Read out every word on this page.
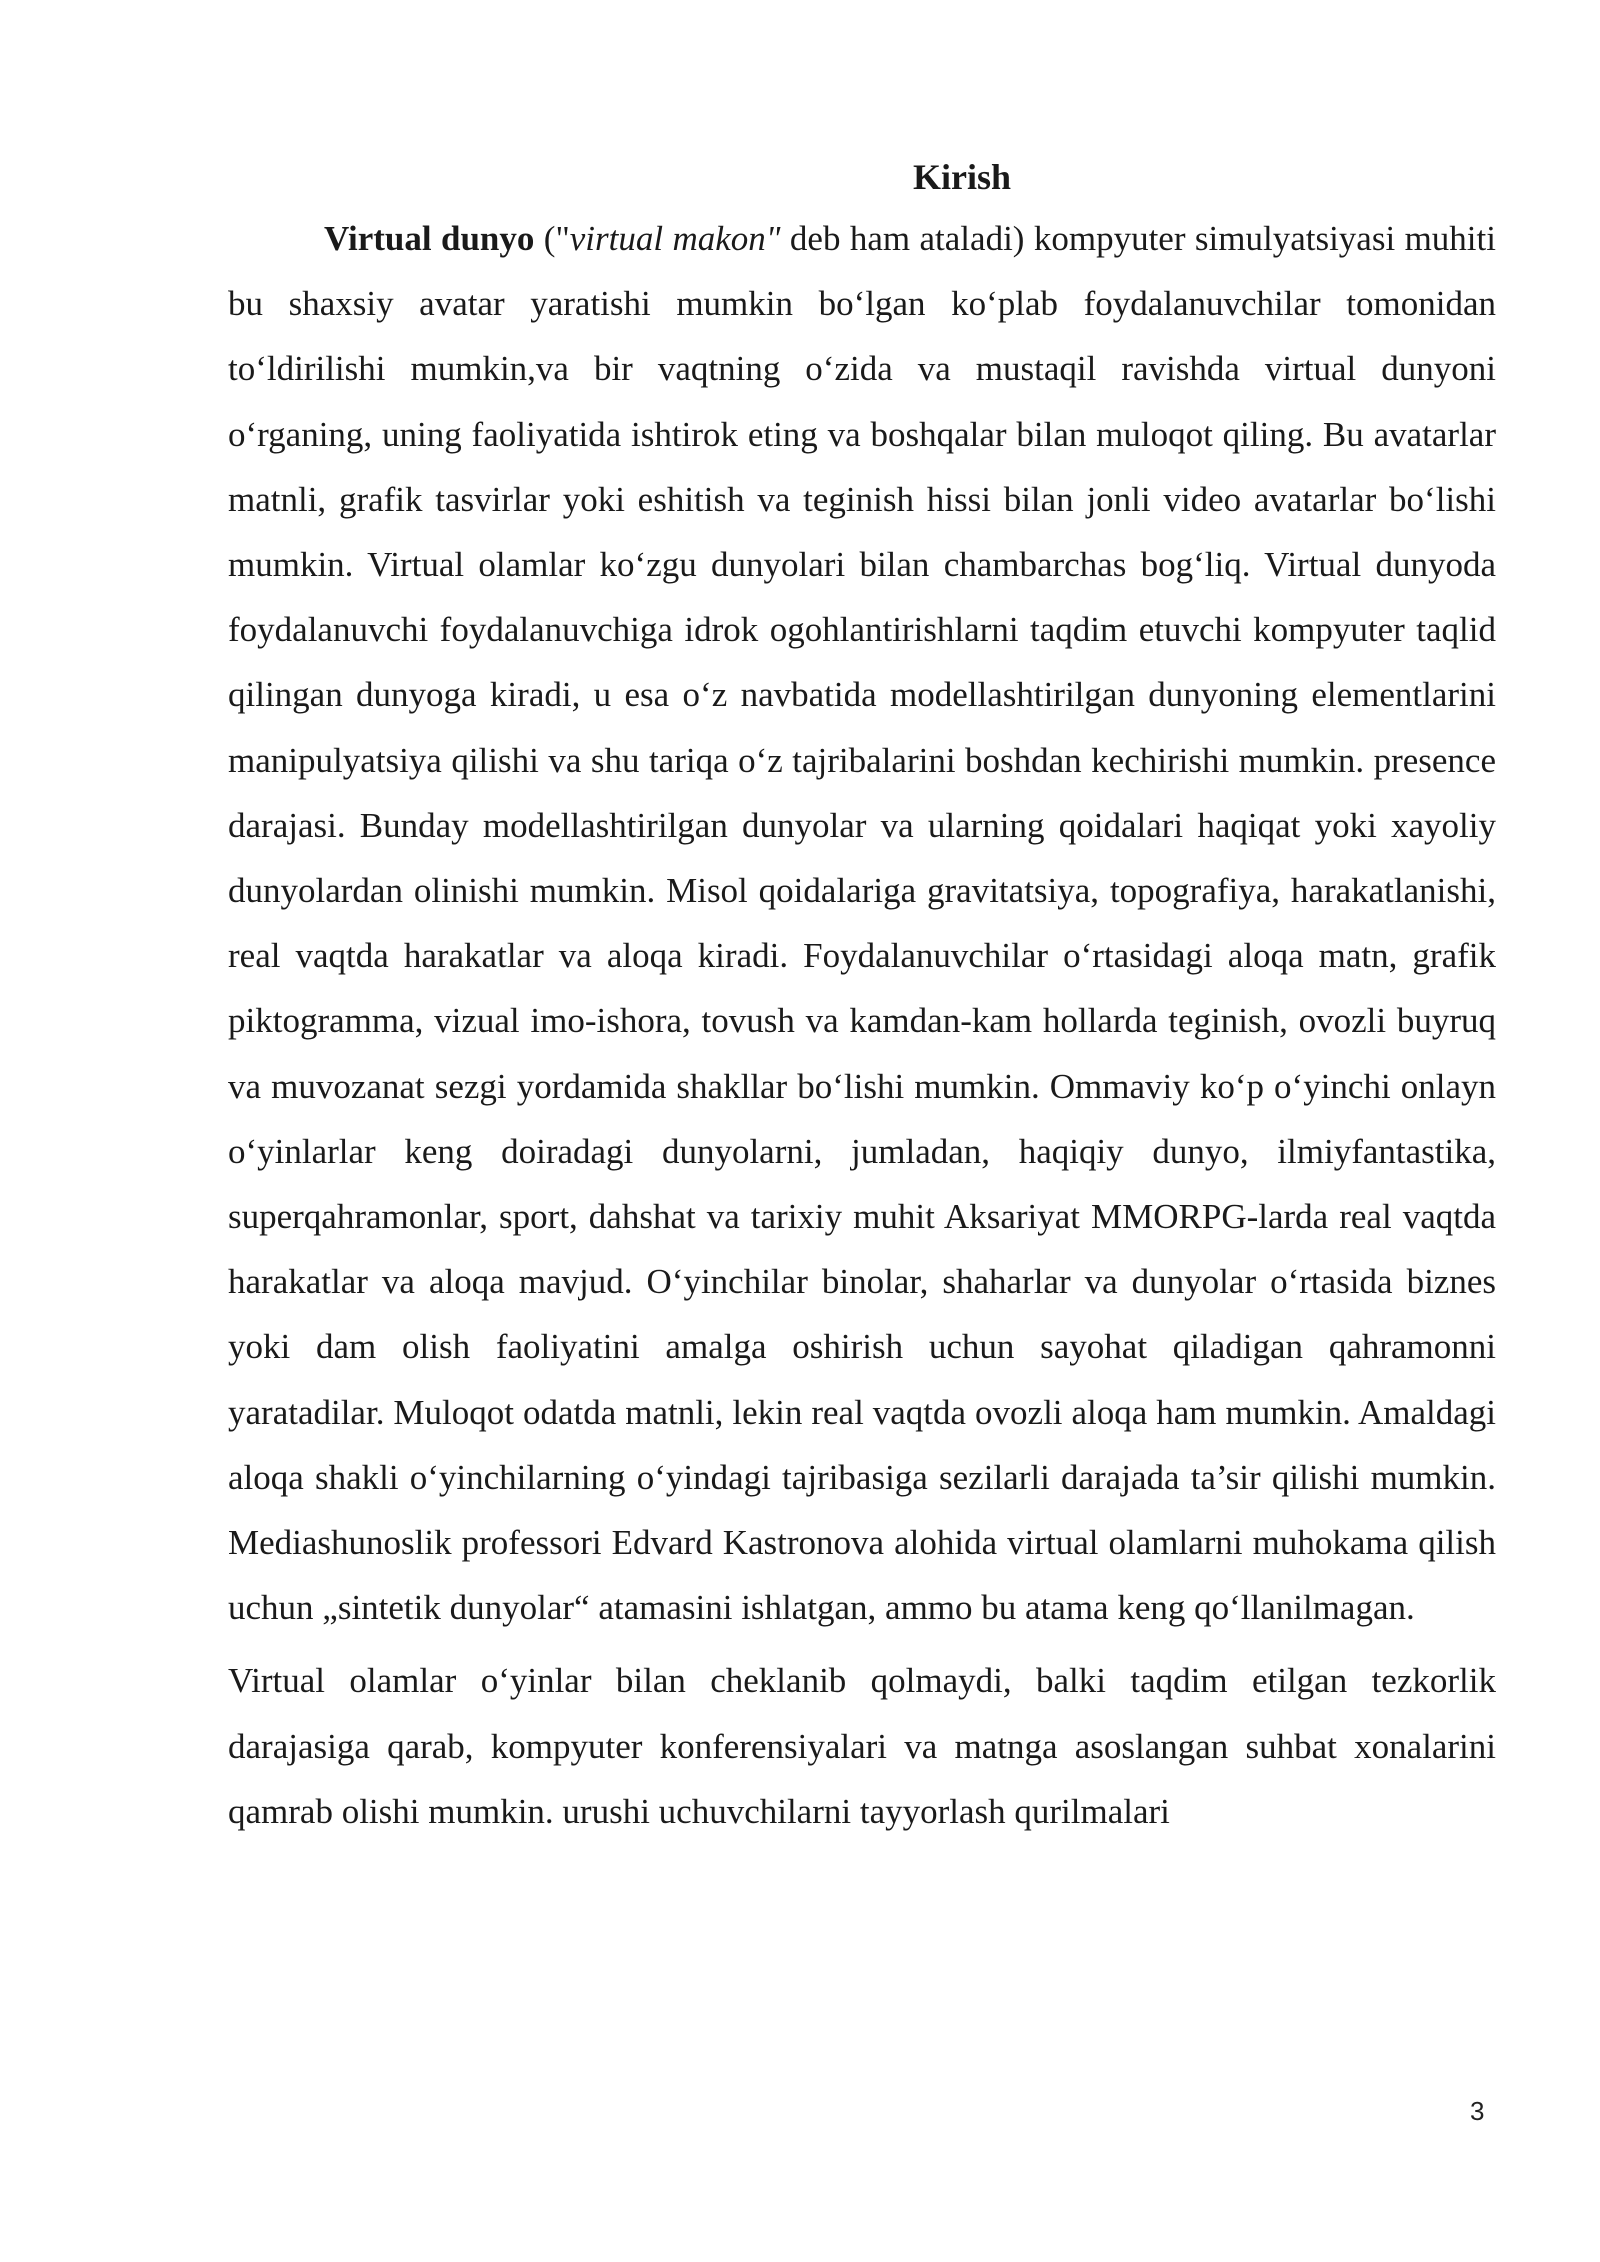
Kirish

Virtual dunyo ("virtual makon" deb ham ataladi) kompyuter simulyatsiyasi muhiti bu shaxsiy avatar yaratishi mumkin bo‘lgan ko‘plab foydalanuvchilar tomonidan to‘ldirilishi mumkin,va bir vaqtning o‘zida va mustaqil ravishda virtual dunyoni o‘rganing, uning faoliyatida ishtirok eting va boshqalar bilan muloqot qiling. Bu avatarlar matnli, grafik tasvirlar yoki eshitish va teginish hissi bilan jonli video avatarlar bo‘lishi mumkin. Virtual olamlar ko‘zgu dunyolari bilan chambarchas bog‘liq. Virtual dunyoda foydalanuvchi foydalanuvchiga idrok ogohlantirishlarni taqdim etuvchi kompyuter taqlid qilingan dunyoga kiradi, u esa o‘z navbatida modellashtirilgan dunyoning elementlarini manipulyatsiya qilishi va shu tariqa o‘z tajribalarini boshdan kechirishi mumkin. presence darajasi. Bunday modellashtirilgan dunyolar va ularning qoidalari haqiqat yoki xayoliy dunyolardan olinishi mumkin. Misol qoidalariga gravitatsiya, topografiya, harakatlanishi, real vaqtda harakatlar va aloqa kiradi. Foydalanuvchilar o‘rtasidagi aloqa matn, grafik piktogramma, vizual imo-ishora, tovush va kamdan-kam hollarda teginish, ovozli buyruq va muvozanat sezgi yordamida shakllar bo‘lishi mumkin. Ommaviy ko‘p o‘yinchi onlayn o‘yinlarlar keng doiradagi dunyolarni, jumladan, haqiqiy dunyo, ilmiyfantastika, superqahramonlar, sport, dahshat va tarixiy muhit Aksariyat MMORPG-larda real vaqtda harakatlar va aloqa mavjud. O‘yinchilar binolar, shaharlar va dunyolar o‘rtasida biznes yoki dam olish faoliyatini amalga oshirish uchun sayohat qiladigan qahramonni yaratadilar. Muloqot odatda matnli, lekin real vaqtda ovozli aloqa ham mumkin. Amaldagi aloqa shakli o‘yinchilarning o‘yindagi tajribasiga sezilarli darajada ta’sir qilishi mumkin. Mediashunoslik professori Edvard Kastronova alohida virtual olamlarni muhokama qilish uchun „sintetik dunyolar“ atamasini ishlatgan, ammo bu atama keng qo‘llanilmagan.

Virtual olamlar o‘yinlar bilan cheklanib qolmaydi, balki taqdim etilgan tezkorlik darajasiga qarab, kompyuter konferensiyalari va matnga asoslangan suhbat xonalarini qamrab olishi mumkin. urushi uchuvchilarni tayyorlash qurilmalari

3
